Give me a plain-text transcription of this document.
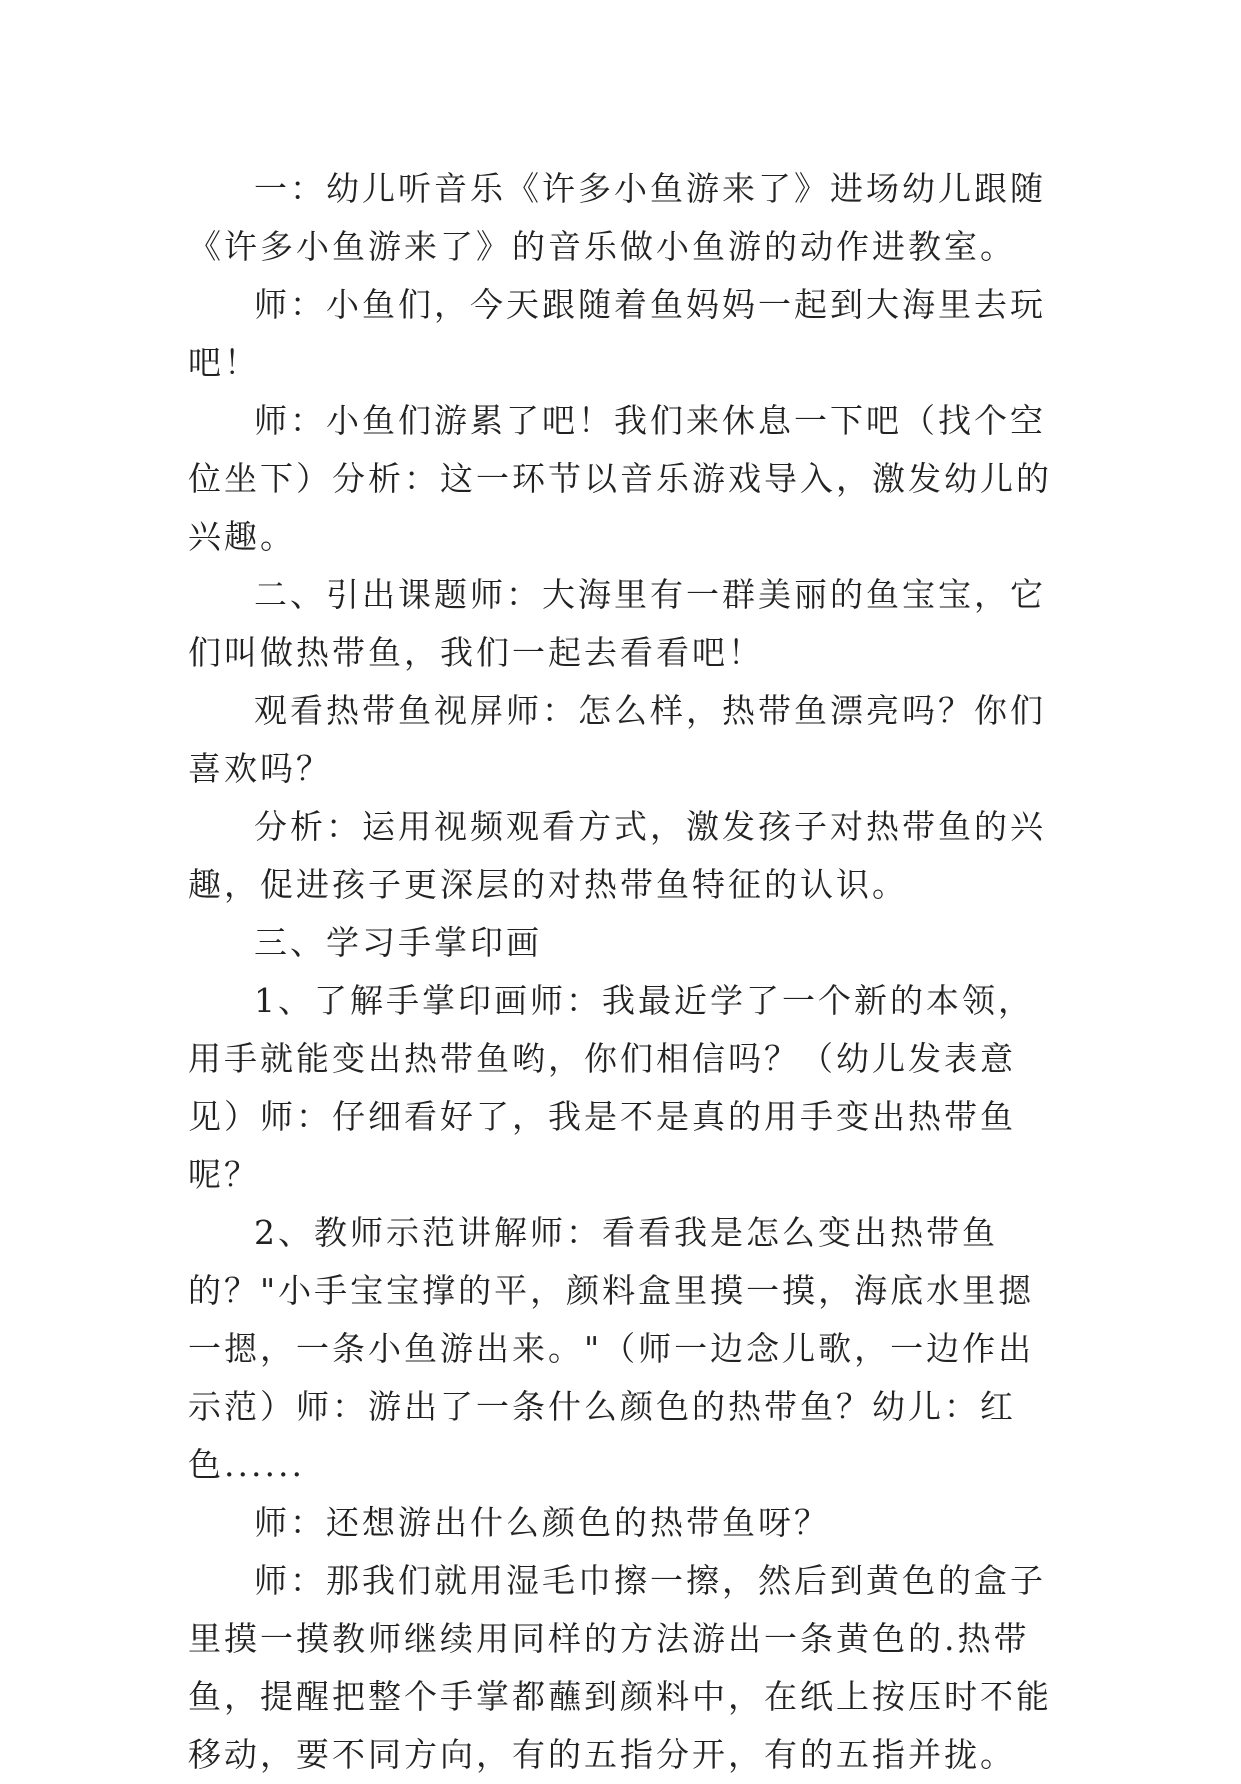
一：幼儿听音乐《许多小鱼游来了》进场幼儿跟随《许多小鱼游来了》的音乐做小鱼游的动作进教室。

师：小鱼们，今天跟随着鱼妈妈一起到大海里去玩吧！

师：小鱼们游累了吧！我们来休息一下吧（找个空位坐下）分析：这一环节以音乐游戏导入，激发幼儿的兴趣。

二、引出课题师：大海里有一群美丽的鱼宝宝，它们叫做热带鱼，我们一起去看看吧！

观看热带鱼视屏师：怎么样，热带鱼漂亮吗？你们喜欢吗？

分析：运用视频观看方式，激发孩子对热带鱼的兴趣，促进孩子更深层的对热带鱼特征的认识。

三、学习手掌印画

1、了解手掌印画师：我最近学了一个新的本领，用手就能变出热带鱼哟，你们相信吗？（幼儿发表意见）师：仔细看好了，我是不是真的用手变出热带鱼呢？

2、教师示范讲解师：看看我是怎么变出热带鱼的？"小手宝宝撑的平，颜料盒里摸一摸，海底水里摁一摁，一条小鱼游出来。"（师一边念儿歌，一边作出示范）师：游出了一条什么颜色的热带鱼？幼儿：红色......

师：还想游出什么颜色的热带鱼呀？

师：那我们就用湿毛巾擦一擦，然后到黄色的盒子里摸一摸教师继续用同样的方法游出一条黄色的.热带鱼，提醒把整个手掌都蘸到颜料中，在纸上按压时不能移动，要不同方向，有的五指分开，有的五指并拢。
